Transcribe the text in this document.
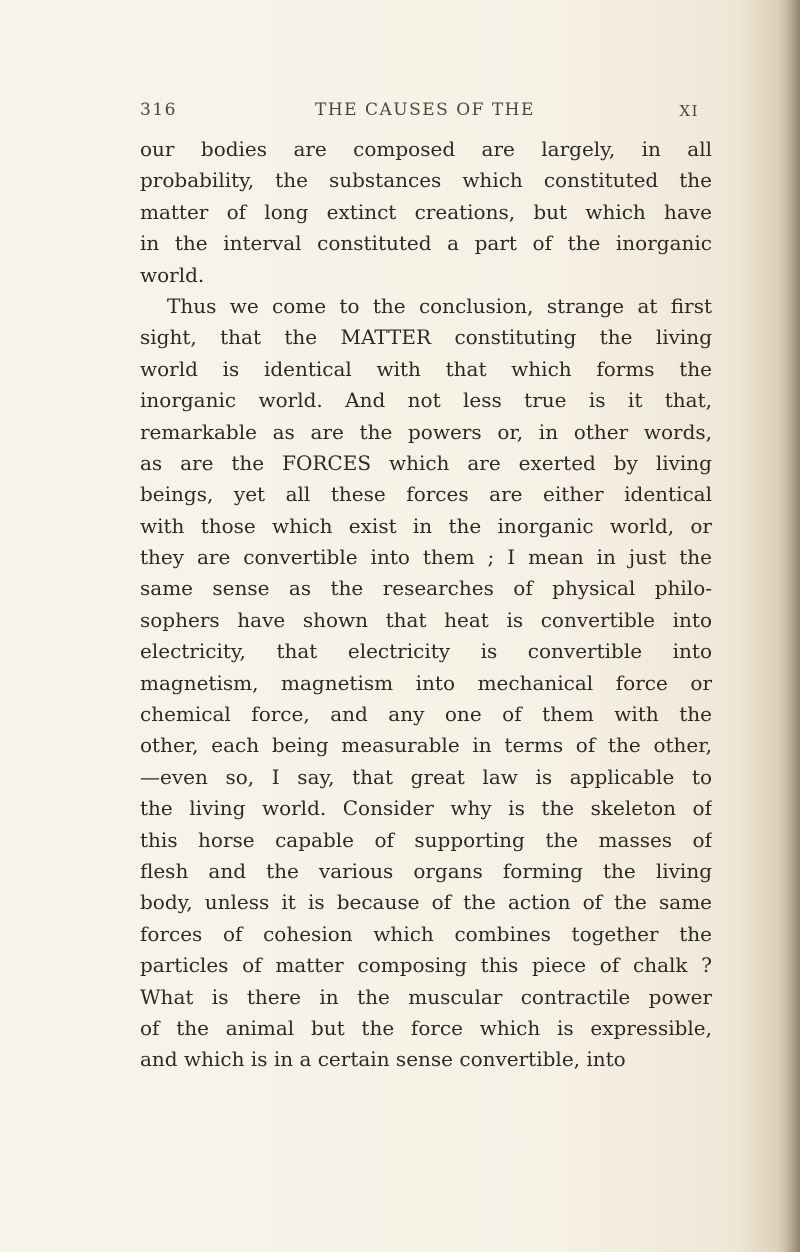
316	THE CAUSES OF THE	XI
our bodies are composed are largely, in all
probability, the substances which constituted the
matter of long extinct creations, but which have
in the interval constituted a part of the inorganic
world.
Thus we come to the conclusion, strange at first
sight, that the MATTER constituting the living
world is identical with that which forms the
inorganic world. And not less true is it that,
remarkable as are the powers or, in other words,
as are the FORCES which are exerted by living
beings, yet all these forces are either identical
with those which exist in the inorganic world, or
they are convertible into them ; I mean in just the
same sense as the researches of physical philo-
sophers have shown that heat is convertible into
electricity, that electricity is convertible into
magnetism, magnetism into mechanical force or
chemical force, and any one of them with the
other, each being measurable in terms of the other,
—even so, I say, that great law is applicable to
the living world. Consider why is the skeleton of
this horse capable of supporting the masses of
flesh and the various organs forming the living
body, unless it is because of the action of the same
forces of cohesion which combines together the
particles of matter composing this piece of chalk ?
What is there in the muscular contractile power
of the animal but the force which is expressible,
and which is in a certain sense convertible, into
